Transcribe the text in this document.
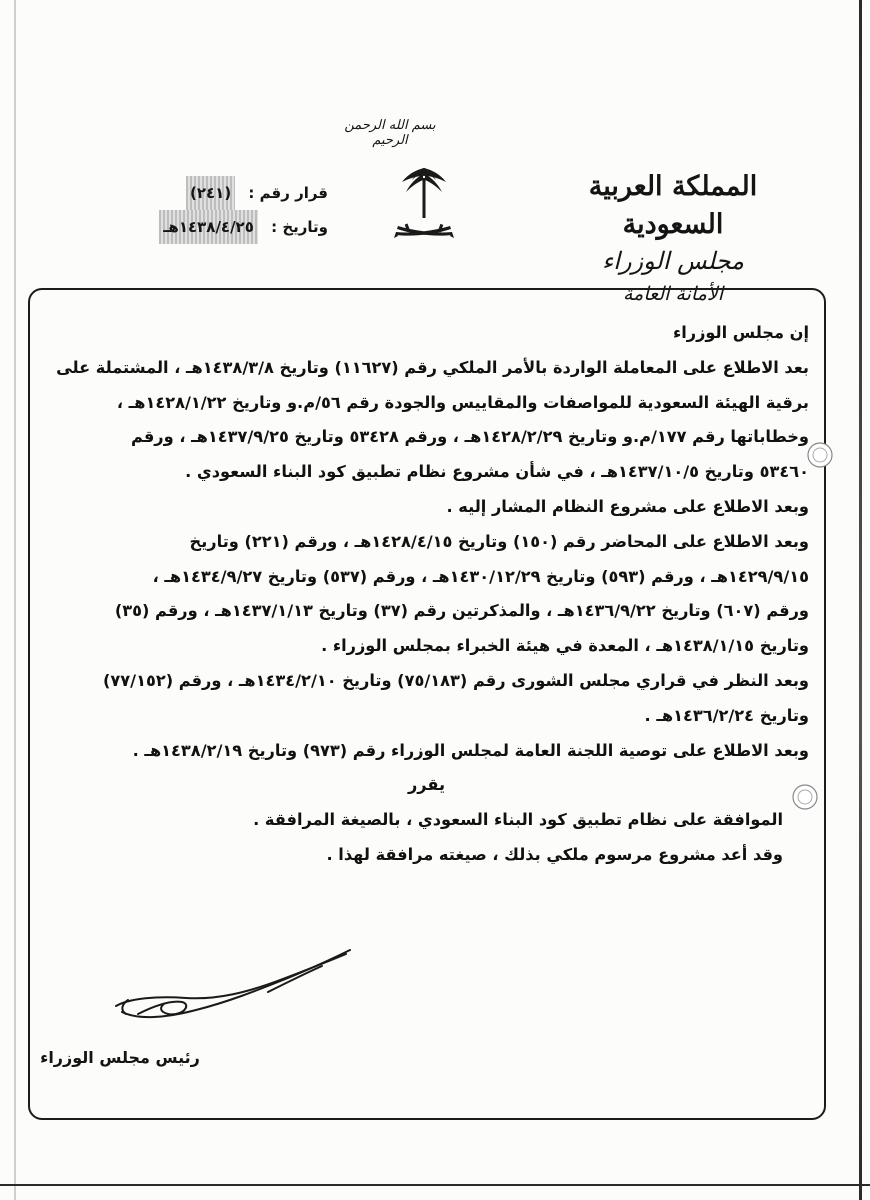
بسم الله الرحمن الرحيم
المملكة العربية السعودية
مجلس الوزراء
الأمانة العامة
قرار رقم : (٢٤١)
وتاريخ : ١٤٣٨/٤/٢٥هـ

إن مجلس الوزراء

بعد الاطلاع على المعاملة الواردة بالأمر الملكي رقم (١١٦٢٧) وتاريخ ١٤٣٨/٣/٨هـ ، المشتملة على

برقية الهيئة السعودية للمواصفات والمقاييس والجودة رقم ٥٦/م.و وتاريخ ١٤٢٨/١/٢٢هـ ،

وخطاباتها رقم ١٧٧/م.و وتاريخ ١٤٢٨/٢/٢٩هـ ، ورقم ٥٣٤٢٨ وتاريخ ١٤٣٧/٩/٢٥هـ ، ورقم

٥٣٤٦٠ وتاريخ ١٤٣٧/١٠/٥هـ ، في شأن مشروع نظام تطبيق كود البناء السعودي .

وبعد الاطلاع على مشروع النظام المشار إليه .

وبعد الاطلاع على المحاضر رقم (١٥٠) وتاريخ ١٤٢٨/٤/١٥هـ ، ورقم (٢٢١) وتاريخ

١٤٢٩/٩/١٥هـ ، ورقم (٥٩٣) وتاريخ ١٤٣٠/١٢/٢٩هـ ، ورقم (٥٣٧) وتاريخ ١٤٣٤/٩/٢٧هـ ،

ورقم (٦٠٧) وتاريخ ١٤٣٦/٩/٢٢هـ ، والمذكرتين رقم (٣٧) وتاريخ ١٤٣٧/١/١٣هـ ، ورقم (٣٥)

وتاريخ ١٤٣٨/١/١٥هـ ، المعدة في هيئة الخبراء بمجلس الوزراء .

وبعد النظر في قراري مجلس الشورى رقم (٧٥/١٨٣) وتاريخ ١٤٣٤/٢/١٠هـ ، ورقم (٧٧/١٥٢)

وتاريخ ١٤٣٦/٢/٢٤هـ .

وبعد الاطلاع على توصية اللجنة العامة لمجلس الوزراء رقم (٩٧٣) وتاريخ ١٤٣٨/٢/١٩هـ .

يقرر

الموافقة على نظام تطبيق كود البناء السعودي ، بالصيغة المرافقة .

وقد أعد مشروع مرسوم ملكي بذلك ، صيغته مرافقة لهذا .

رئيس مجلس الوزراء
